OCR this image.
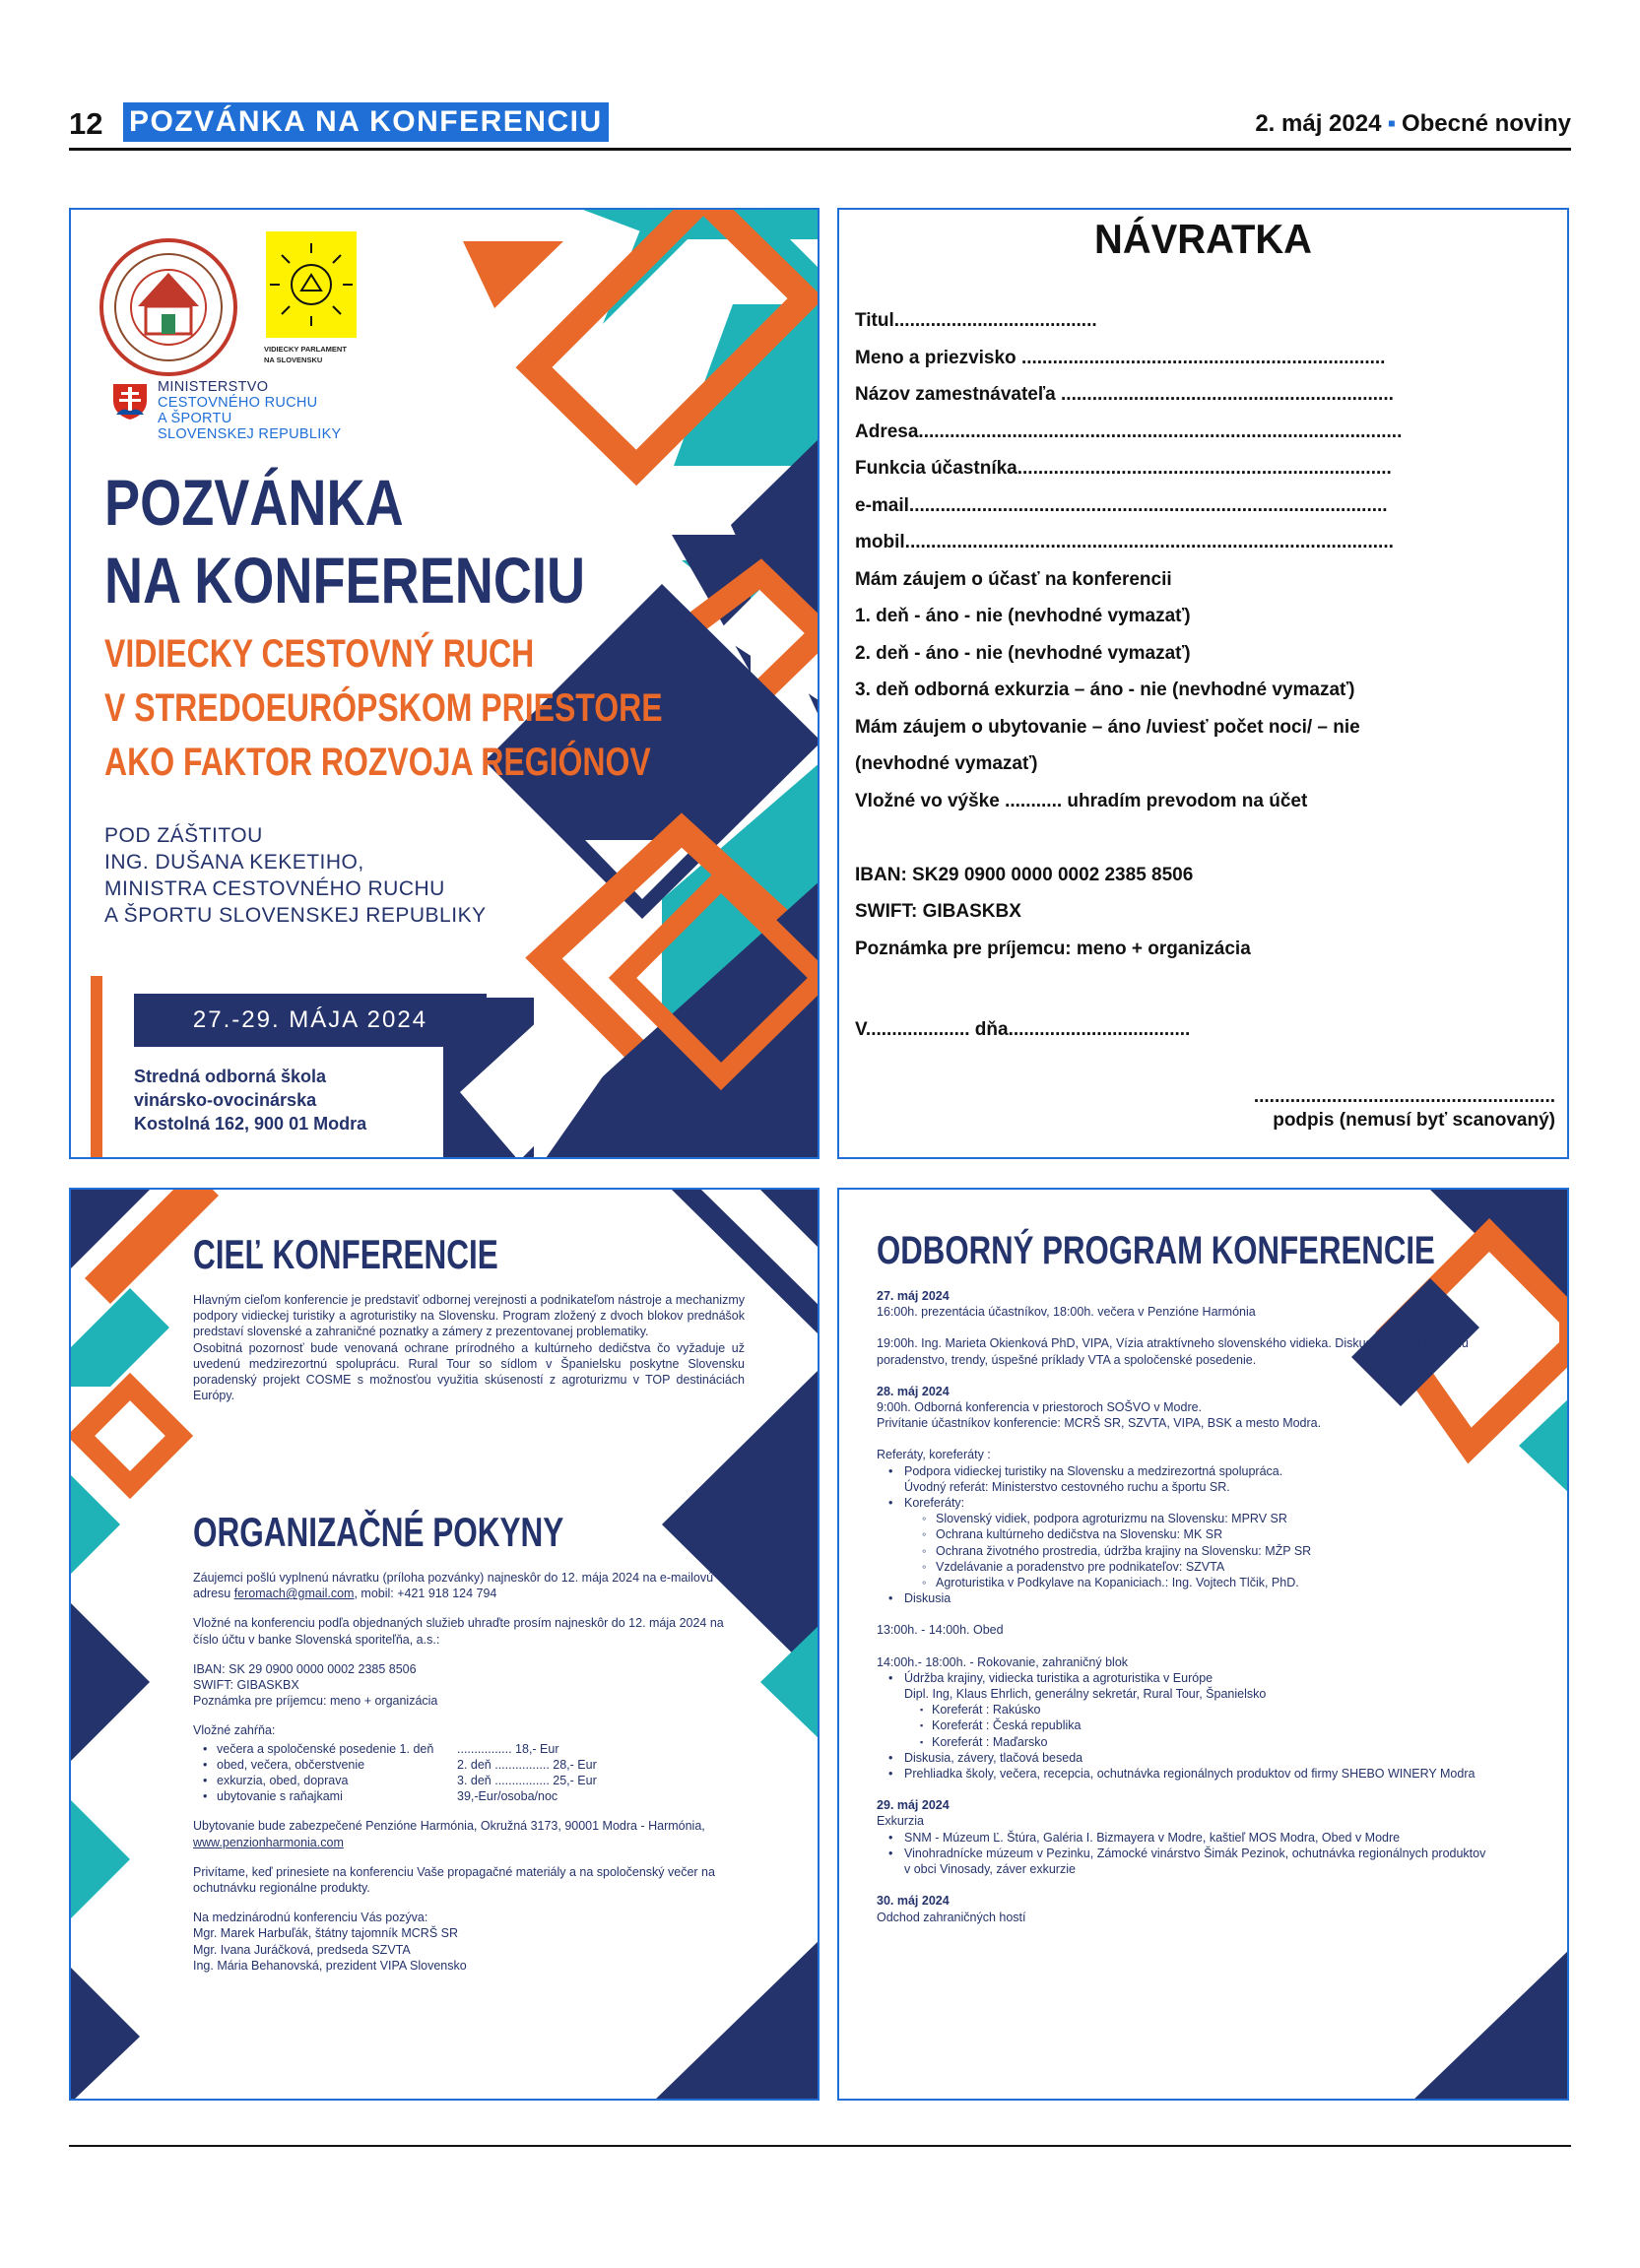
12 POZVÁNKA NA KONFERENCIU	2. máj 2024 ▪ Obecné noviny
VIDIECKY PARLAMENT
NA SLOVENSKU
MINISTERSTVO
CESTOVNÉHO RUCHU
A ŠPORTU
SLOVENSKEJ REPUBLIKY
POZVÁNKA
NA KONFERENCIU
VIDIECKY CESTOVNÝ RUCH
V STREDOEURÓPSKOM PRIESTORE
AKO FAKTOR ROZVOJA REGIÓNOV
POD ZÁŠTITOU
ING. DUŠANA KEKETIHO,
MINISTRA CESTOVNÉHO RUCHU
A ŠPORTU SLOVENSKEJ REPUBLIKY
27.-29. MÁJA 2024
Stredná odborná škola
vinársko-ovocinárska
Kostolná 162, 900 01 Modra
NÁVRATKA
Titul.......................................
Meno a priezvisko ......................................................................
Názov zamestnávateľa ................................................................
Adresa.............................................................................................
Funkcia účastníka........................................................................
e-mail............................................................................................
mobil..............................................................................................
Mám záujem o účasť na konferencii
1. deň - áno - nie (nevhodné vymazať)
2. deň - áno - nie (nevhodné vymazať)
3. deň odborná exkurzia – áno - nie (nevhodné vymazať)
Mám záujem o ubytovanie – áno /uviesť počet noci/ – nie
(nevhodné vymazať)
Vložné vo výške ........... uhradím prevodom na účet
IBAN: SK29 0900 0000 0002 2385 8506
SWIFT: GIBASKBX
Poznámka pre príjemcu: meno + organizácia
V.................... dňa...................................
..........................................................
podpis (nemusí byť scanovaný)
CIEĽ KONFERENCIE

Hlavným cieľom konferencie je predstaviť odbornej verejnosti a podnikateľom nástroje a mechanizmy podpory vidieckej turistiky a agroturistiky na Slovensku. Program zložený z dvoch blokov prednášok predstaví slovenské a zahraničné poznatky a zámery z prezentovanej problematiky.

Osobitná pozornosť bude venovaná ochrane prírodného a kultúrneho dedičstva čo vyžaduje už uvedenú medzirezortnú spoluprácu. Rural Tour so sídlom v Španielsku poskytne Slovensku poradenský projekt COSME s možnosťou využitia skúseností z agroturizmu v TOP destináciách Európy.

ORGANIZAČNÉ POKYNY

Záujemci pošlú vyplnenú návratku (príloha pozvánky) najneskôr do 12. mája 2024 na e-mailovú adresu feromach@gmail.com, mobil: +421 918 124 794

Vložné na konferenciu podľa objednaných služieb uhraďte prosím najneskôr do 12. mája 2024 na číslo účtu v banke Slovenská sporiteľňa, a.s.:

IBAN: SK 29 0900 0000 0002 2385 8506

SWIFT: GIBASKBX

Poznámka pre príjemcu: meno + organizácia

Vložné zahŕňa:

• večera a spoločenské posedenie 1. deň ................ 18,- Eur
• obed, večera, občerstvenie	2. deň ................ 28,- Eur
• exkurzia, obed, doprava	3. deň ................ 25,- Eur
• ubytovanie s raňajkami	39,-Eur/osoba/noc

Ubytovanie bude zabezpečené Penzióne Harmónia, Okružná 3173, 90001 Modra - Harmónia, www.penzionharmonia.com

Privítame, keď prinesiete na konferenciu Vaše propagačné materiály a na spoločenský večer na ochutnávku regionálne produkty.

Na medzinárodnú konferenciu Vás pozýva:

Mgr. Marek Harbuľák, štátny tajomník MCRŠ SR

Mgr. Ivana Juráčková, predseda SZVTA

Ing. Mária Behanovská, prezident VIPA Slovensko

ODBORNÝ PROGRAM KONFERENCIE

27. máj 2024

16:00h. prezentácia účastníkov, 18:00h. večera v Penzióne Harmónia

19:00h. Ing. Marieta Okienková PhD, VIPA, Vízia atraktívneho slovenského vidieka. Diskusné fórum na tému poradenstvo, trendy, úspešné príklady VTA a spoločenské posedenie.

28. máj 2024

9:00h. Odborná konferencia v priestoroch SOŠVO v Modre.

Privítanie účastníkov konferencie: MCRŠ SR, SZVTA, VIPA, BSK a mesto Modra.

Referáty, koreferáty :

• Podpora vidieckej turistiky na Slovensku a medzirezortná spolupráca.
Úvodný referát: Ministerstvo cestovného ruchu a športu SR.
• Koreferáty:
◦ Slovenský vidiek, podpora agroturizmu na Slovensku: MPRV SR
◦ Ochrana kultúrneho dedičstva na Slovensku: MK SR
◦ Ochrana životného prostredia, údržba krajiny na Slovensku: MŽP SR
◦ Vzdelávanie a poradenstvo pre podnikateľov: SZVTA
◦ Agroturistika v Podkylave na Kopaniciach.: Ing. Vojtech Tlčik, PhD.
• Diskusia

13:00h. - 14:00h. Obed

14:00h.- 18:00h. - Rokovanie, zahraničný blok

• Údržba krajiny, vidiecka turistika a agroturistika v Európe
Dipl. Ing, Klaus Ehrlich, generálny sekretár, Rural Tour, Španielsko
▪ Koreferát : Rakúsko
▪ Koreferát : Česká republika
▪ Koreferát : Maďarsko
• Diskusia, závery, tlačová beseda
• Prehliadka školy, večera, recepcia, ochutnávka regionálnych produktov od firmy SHEBO WINERY Modra

29. máj 2024

Exkurzia

• SNM - Múzeum Ľ. Štúra, Galéria I. Bizmayera v Modre, kaštieľ MOS Modra, Obed v Modre
• Vinohradnícke múzeum v Pezinku, Zámocké vinárstvo Šimák Pezinok, ochutnávka regionálnych produktov v obci Vinosady, záver exkurzie

30. máj 2024

Odchod zahraničných hostí
